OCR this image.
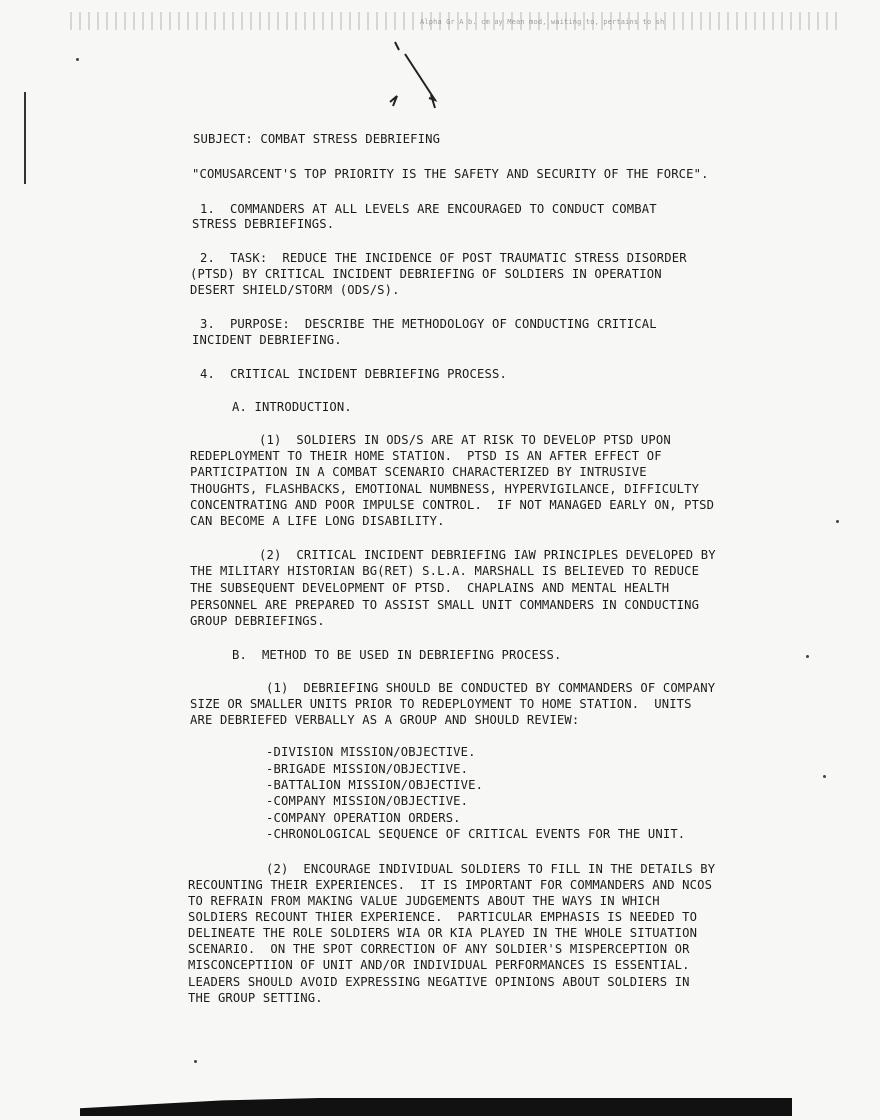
Alpha Gr A b. cm ay Mean mod, waiting to, pertains to sh
SUBJECT: COMBAT STRESS DEBRIEFING
"COMUSARCENT'S TOP PRIORITY IS THE SAFETY AND SECURITY OF THE FORCE".
1.  COMMANDERS AT ALL LEVELS ARE ENCOURAGED TO CONDUCT COMBAT
STRESS DEBRIEFINGS.
2.  TASK:  REDUCE THE INCIDENCE OF POST TRAUMATIC STRESS DISORDER
(PTSD) BY CRITICAL INCIDENT DEBRIEFING OF SOLDIERS IN OPERATION
DESERT SHIELD/STORM (ODS/S).
3.  PURPOSE:  DESCRIBE THE METHODOLOGY OF CONDUCTING CRITICAL
INCIDENT DEBRIEFING.
4.  CRITICAL INCIDENT DEBRIEFING PROCESS.
A. INTRODUCTION.
(1)  SOLDIERS IN ODS/S ARE AT RISK TO DEVELOP PTSD UPON
REDEPLOYMENT TO THEIR HOME STATION.  PTSD IS AN AFTER EFFECT OF
PARTICIPATION IN A COMBAT SCENARIO CHARACTERIZED BY INTRUSIVE
THOUGHTS, FLASHBACKS, EMOTIONAL NUMBNESS, HYPERVIGILANCE, DIFFICULTY
CONCENTRATING AND POOR IMPULSE CONTROL.  IF NOT MANAGED EARLY ON, PTSD
CAN BECOME A LIFE LONG DISABILITY.
(2)  CRITICAL INCIDENT DEBRIEFING IAW PRINCIPLES DEVELOPED BY
THE MILITARY HISTORIAN BG(RET) S.L.A. MARSHALL IS BELIEVED TO REDUCE
THE SUBSEQUENT DEVELOPMENT OF PTSD.  CHAPLAINS AND MENTAL HEALTH
PERSONNEL ARE PREPARED TO ASSIST SMALL UNIT COMMANDERS IN CONDUCTING
GROUP DEBRIEFINGS.
B.  METHOD TO BE USED IN DEBRIEFING PROCESS.
(1)  DEBRIEFING SHOULD BE CONDUCTED BY COMMANDERS OF COMPANY
SIZE OR SMALLER UNITS PRIOR TO REDEPLOYMENT TO HOME STATION.  UNITS
ARE DEBRIEFED VERBALLY AS A GROUP AND SHOULD REVIEW:
-DIVISION MISSION/OBJECTIVE.
-BRIGADE MISSION/OBJECTIVE.
-BATTALION MISSION/OBJECTIVE.
-COMPANY MISSION/OBJECTIVE.
-COMPANY OPERATION ORDERS.
-CHRONOLOGICAL SEQUENCE OF CRITICAL EVENTS FOR THE UNIT.
(2)  ENCOURAGE INDIVIDUAL SOLDIERS TO FILL IN THE DETAILS BY
RECOUNTING THEIR EXPERIENCES.  IT IS IMPORTANT FOR COMMANDERS AND NCOS
TO REFRAIN FROM MAKING VALUE JUDGEMENTS ABOUT THE WAYS IN WHICH
SOLDIERS RECOUNT THIER EXPERIENCE.  PARTICULAR EMPHASIS IS NEEDED TO
DELINEATE THE ROLE SOLDIERS WIA OR KIA PLAYED IN THE WHOLE SITUATION
SCENARIO.  ON THE SPOT CORRECTION OF ANY SOLDIER'S MISPERCEPTION OR
MISCONCEPTIION OF UNIT AND/OR INDIVIDUAL PERFORMANCES IS ESSENTIAL.
LEADERS SHOULD AVOID EXPRESSING NEGATIVE OPINIONS ABOUT SOLDIERS IN
THE GROUP SETTING.
